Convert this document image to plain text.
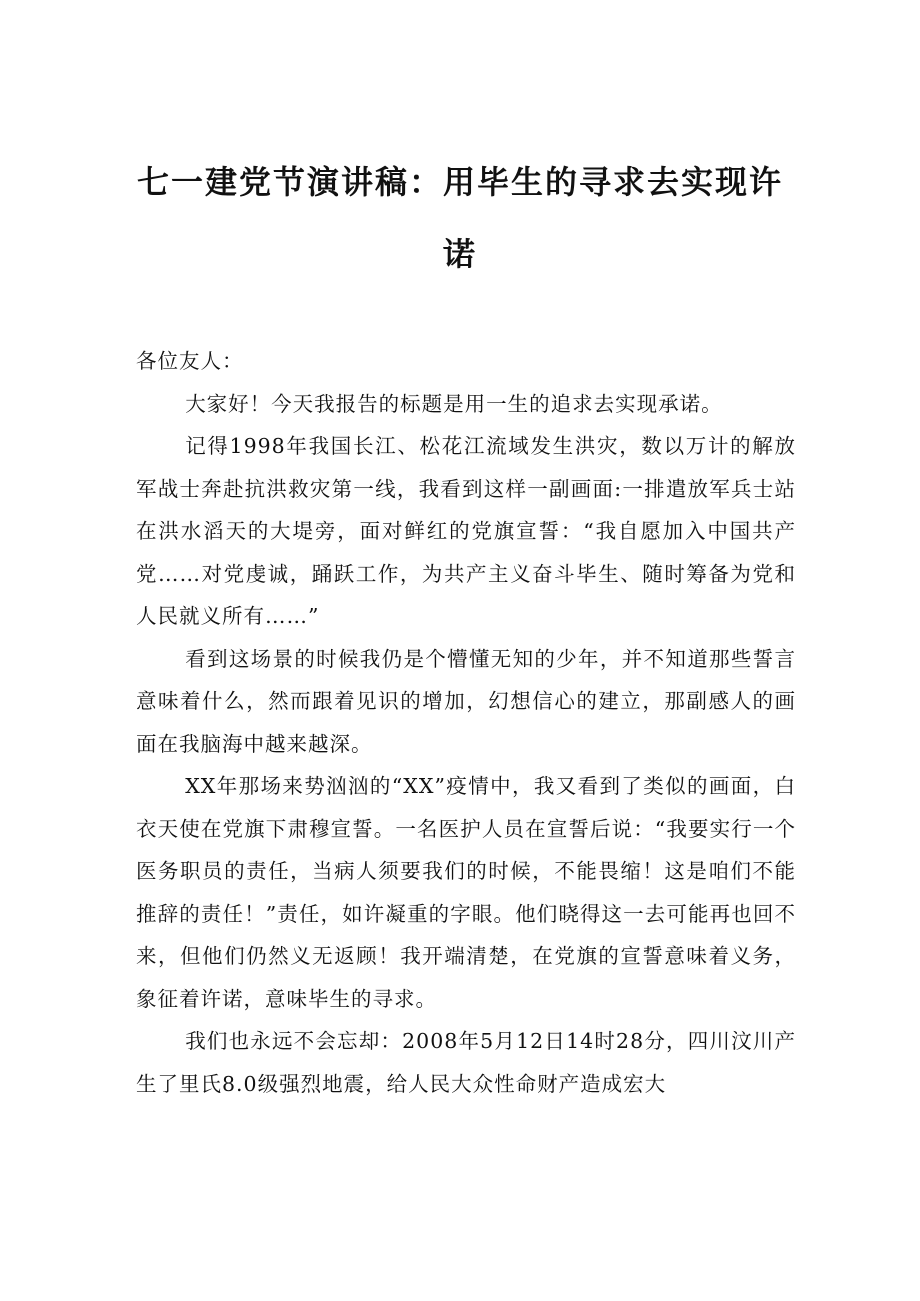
七一建党节演讲稿：用毕生的寻求去实现许
诺

各位友人：

大家好！今天我报告的标题是用一生的追求去实现承诺。

记得1998年我国长江、松花江流域发生洪灾，数以万计的解放军战士奔赴抗洪救灾第一线，我看到这样一副画面:一排遣放军兵士站在洪水滔天的大堤旁，面对鲜红的党旗宣誓：“我自愿加入中国共产党……对党虔诚，踊跃工作，为共产主义奋斗毕生、随时筹备为党和人民就义所有……”

看到这场景的时候我仍是个懵懂无知的少年，并不知道那些誓言意味着什么，然而跟着见识的增加，幻想信心的建立，那副感人的画面在我脑海中越来越深。

XX年那场来势汹汹的“XX”疫情中，我又看到了类似的画面，白衣天使在党旗下肃穆宣誓。一名医护人员在宣誓后说：“我要实行一个医务职员的责任，当病人须要我们的时候，不能畏缩！这是咱们不能推辞的责任！”责任，如许凝重的字眼。他们晓得这一去可能再也回不来，但他们仍然义无返顾！我开端清楚，在党旗的宣誓意味着义务，象征着许诺，意味毕生的寻求。

我们也永远不会忘却：2008年5月12日14时28分，四川汶川产生了里氏8.0级强烈地震，给人民大众性命财产造成宏大
